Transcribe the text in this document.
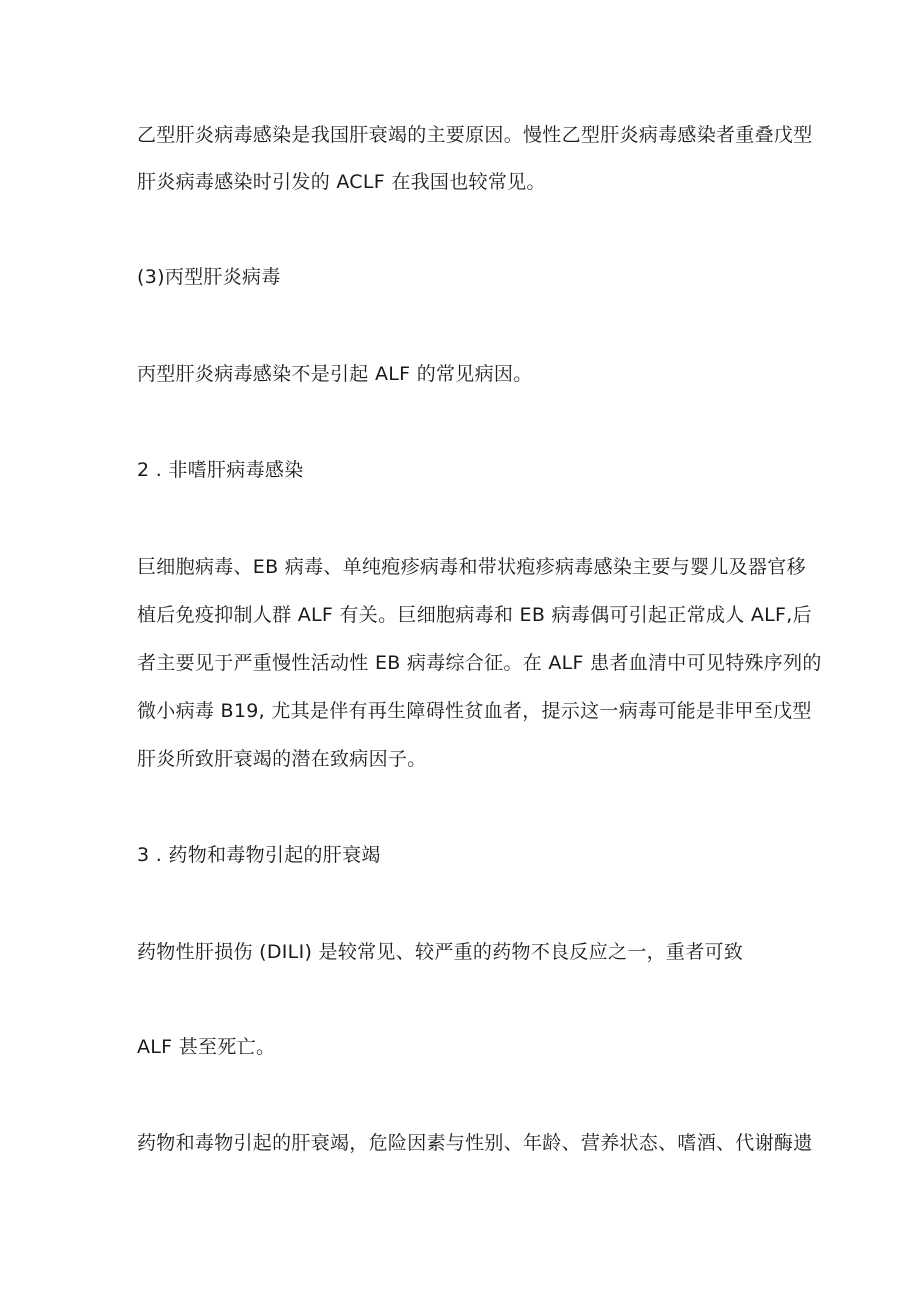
乙型肝炎病毒感染是我国肝衰竭的主要原因。慢性乙型肝炎病毒感染者重叠戊型
肝炎病毒感染时引发的 ACLF 在我国也较常见。
(3)丙型肝炎病毒
丙型肝炎病毒感染不是引起 ALF 的常见病因。
2 . 非嗜肝病毒感染
巨细胞病毒、EB 病毒、单纯疱疹病毒和带状疱疹病毒感染主要与婴儿及器官移
植后免疫抑制人群 ALF 有关。巨细胞病毒和 EB 病毒偶可引起正常成人 ALF,后
者主要见于严重慢性活动性 EB 病毒综合征。在 ALF 患者血清中可见特殊序列的
微小病毒 B19, 尤其是伴有再生障碍性贫血者，提示这一病毒可能是非甲至戊型
肝炎所致肝衰竭的潜在致病因子。
3 . 药物和毒物引起的肝衰竭
药物性肝损伤 (DILI) 是较常见、较严重的药物不良反应之一，重者可致
ALF 甚至死亡。
药物和毒物引起的肝衰竭，危险因素与性别、年龄、营养状态、嗜酒、代谢酶遗
